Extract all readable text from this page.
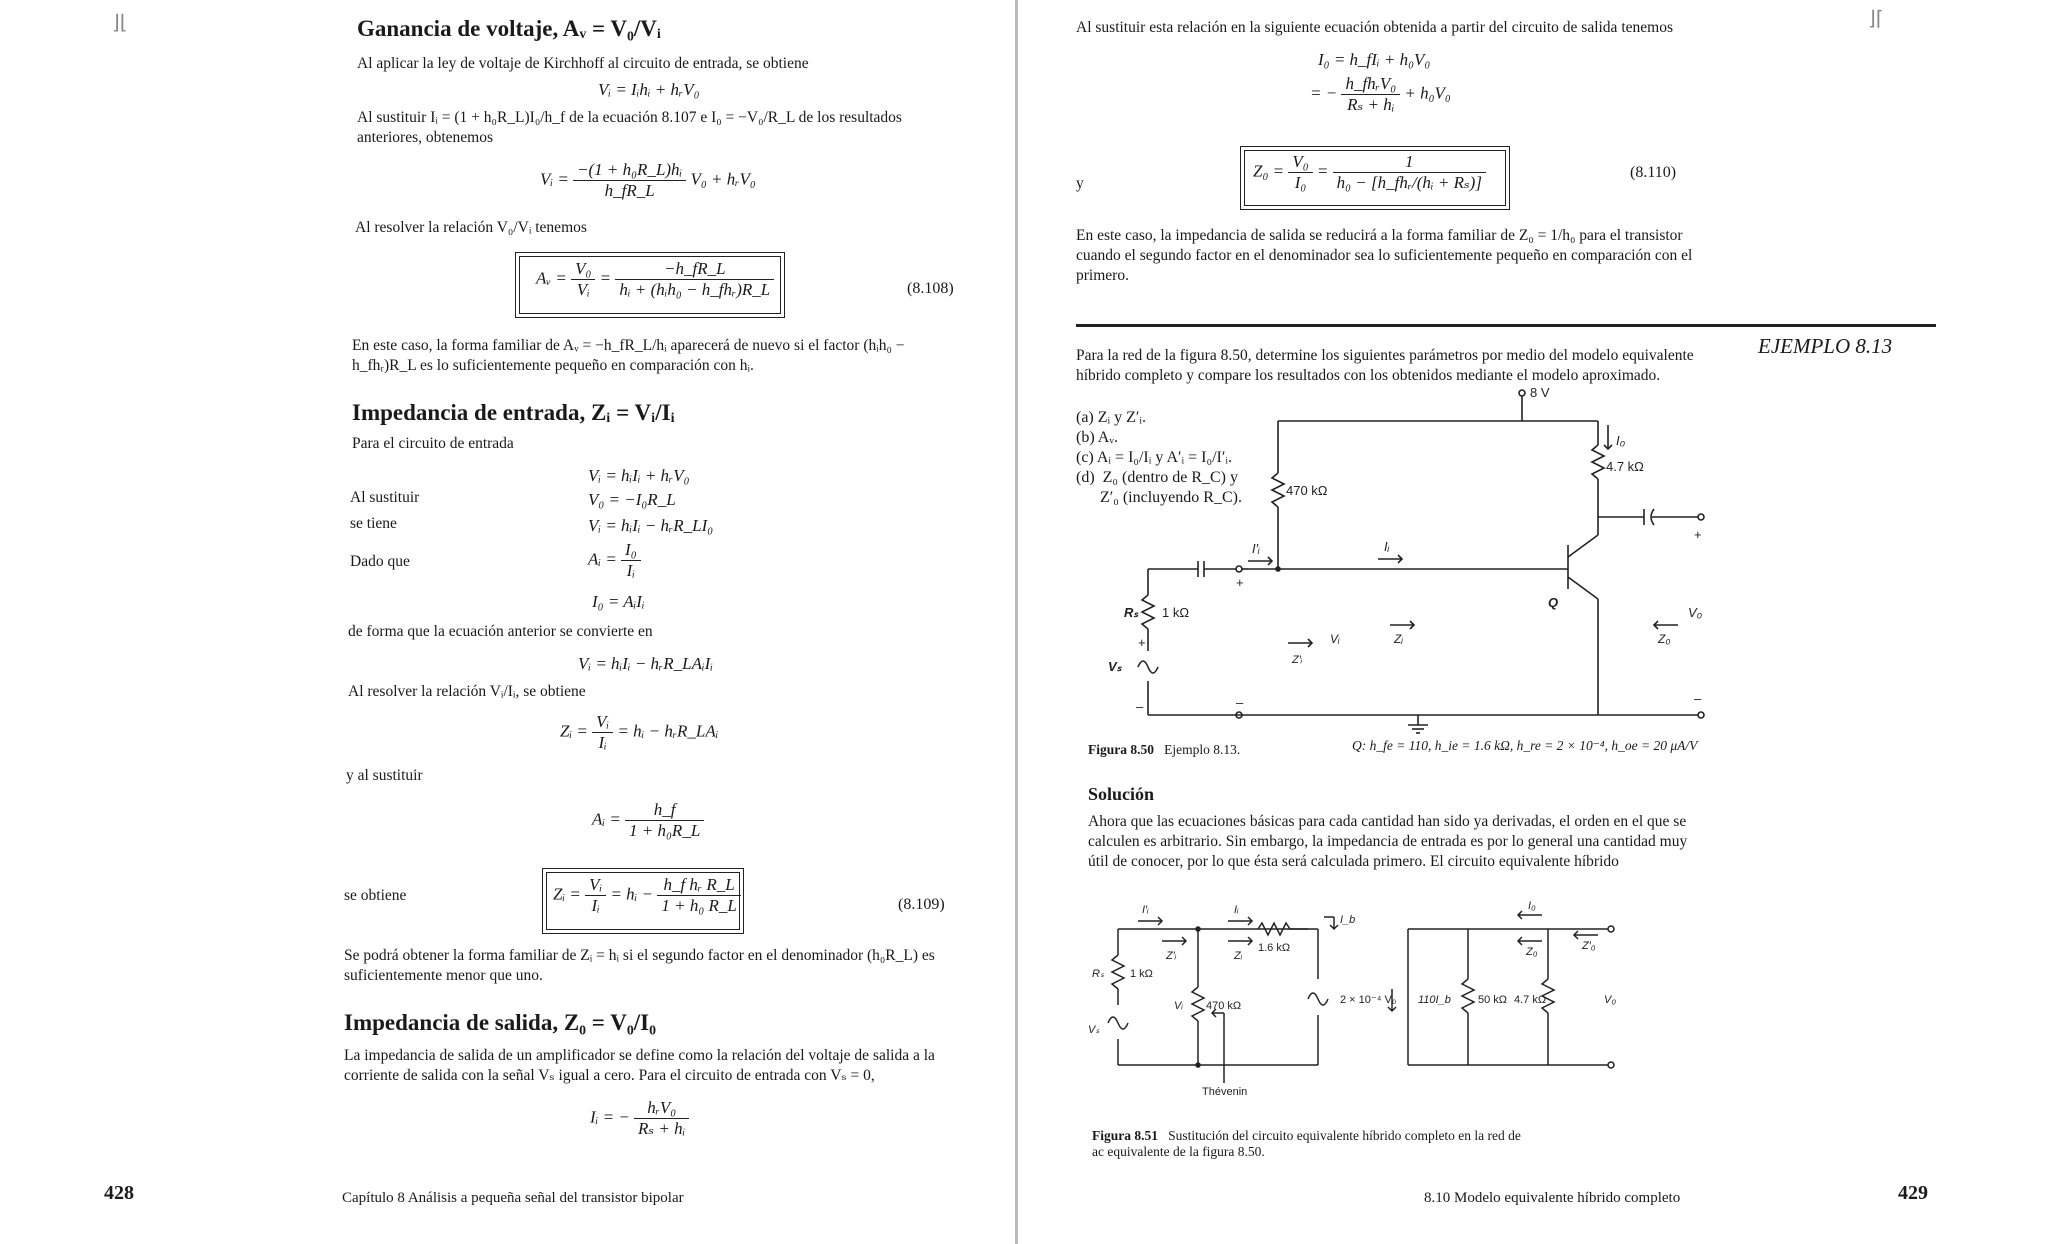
⌋⌊	Ganancia de voltaje, Aᵥ = V₀/Vᵢ
Al aplicar la ley de voltaje de Kirchhoff al circuito de entrada, se obtiene
Vᵢ = Iᵢhᵢ + hᵣV₀
Al sustituir Iᵢ = (1 + h₀R_L)I₀/h_f de la ecuación 8.107 e I₀ = −V₀/R_L de los resultados anteriores, obtenemos
Vᵢ = $\frac{\text{−(1 + h₀R\_L)hᵢ}}{h\_fR\_L} V_0$ + hᵣV₀
Al resolver la relación V₀/Vᵢ tenemos
Aᵥ = $\frac{\text{V₀}}{\text{Vᵢ}} = \frac{-h\_fR\_L}{\text{hᵢ + (hᵢh₀ − h\_fhᵣ)R\_L}}$	(8.108)
En este caso, la forma familiar de Aᵥ = −h_fR_L/hᵢ aparecerá de nuevo si el factor (hᵢh₀ − h_fhᵣ)R_L es lo suficientemente pequeño en comparación con hᵢ.
Impedancia de entrada, Zᵢ = Vᵢ/Iᵢ
Para el circuito de entrada
Vᵢ = hᵢIᵢ + hᵣV₀
Al sustituir	V₀ = −I₀R_L
se tiene	Vᵢ = hᵢIᵢ − hᵣR_LI₀
Dado que	Aᵢ = $\frac{\text{I₀}}{\text{Iᵢ}}$
I₀ = AᵢIᵢ
de forma que la ecuación anterior se convierte en
Vᵢ = hᵢIᵢ − hᵣR_LAᵢIᵢ
Al resolver la relación Vᵢ/Iᵢ, se obtiene
Zᵢ = $\frac{\text{Vᵢ}}{\text{Iᵢ}}$ = hᵢ − hᵣR_LAᵢ
y al sustituir
Aᵢ = $\frac{h\_f}{\text{1 + h₀R\_L}}$
se obtiene	Zᵢ = $\frac{\text{Vᵢ}}{\text{Iᵢ}}$ = hᵢ − $\frac{\text{h\_f hᵣ R\_L}}{\text{1 + h₀ R\_L}}$	(8.109)
Se podrá obtener la forma familiar de Zᵢ = hᵢ si el segundo factor en el denominador (h₀R_L) es suficientemente menor que uno.
Impedancia de salida, Z₀ = V₀/I₀
La impedancia de salida de un amplificador se define como la relación del voltaje de salida a la corriente de salida con la señal Vₛ igual a cero. Para el circuito de entrada con Vₛ = 0,
Iᵢ = − $\frac{\text{hᵣV₀}}{\text{Rₛ + hᵢ}}$
428	Capítulo 8 Análisis a pequeña señal del transistor bipolar
⌋⌈
Al sustituir esta relación en la siguiente ecuación obtenida a partir del circuito de salida tenemos
I₀ = h_fIᵢ + h₀V₀
= − $\frac{\text{h\_fhᵣV₀}}{\text{Rₛ + hᵢ}} + h_0V_0$
y
$Z_0 = \frac{\text{V₀}}{\text{I₀}} = \frac{1}{\text{h₀ − [h\_fhᵣ/(hᵢ + Rₛ)]}}$	(8.110)
En este caso, la impedancia de salida se reducirá a la forma familiar de Z₀ = 1/h₀ para el transistor cuando el segundo factor en el denominador sea lo suficientemente pequeño en comparación con el primero.
EJEMPLO 8.13
Para la red de la figura 8.50, determine los siguientes parámetros por medio del modelo equivalente híbrido completo y compare los resultados con los obtenidos mediante el modelo aproximado.
(a) Zᵢ y Z′ᵢ.
(b) Aᵥ.
(c) Aᵢ = I₀/Iᵢ y A′ᵢ = I₀/I′ᵢ.
(d)  Z₀ (dentro de R_C) y
Z′₀ (incluyendo R_C).
8 V
470 kΩ
4.7 kΩ
1 kΩ
Rₛ
Vₛ
Q
I₀
I′ᵢ	Iᵢ
Z′ᵢ
Zᵢ	Z₀
Vᵢ
V₀
+
–
+
–
+
–
Figura 8.50 Ejemplo 8.13.	Q: h_fe = 110, h_ie = 1.6 kΩ, h_re = 2 × 10⁻⁴, h_oe = 20 μA/V
Solución
Ahora que las ecuaciones básicas para cada cantidad han sido ya derivadas, el orden en el que se calculen es arbitrario. Sin embargo, la impedancia de entrada es por lo general una cantidad muy útil de conocer, por lo que ésta será calculada primero. El circuito equivalente híbrido
I′ᵢ	Iᵢ
I_b
1.6 kΩ
Rₛ 1 kΩ
Z′ᵢ	Zᵢ
Vᵢ 470 kΩ	2 × 10⁻⁴ V₀
Vₛ
Thévenin
I₀
Z₀	Z′₀
110I_b 50 kΩ 4.7 kΩ	V₀
Figura 8.51 Sustitución del circuito equivalente híbrido completo en la red de ac equivalente de la figura 8.50.
8.10 Modelo equivalente híbrido completo	429
